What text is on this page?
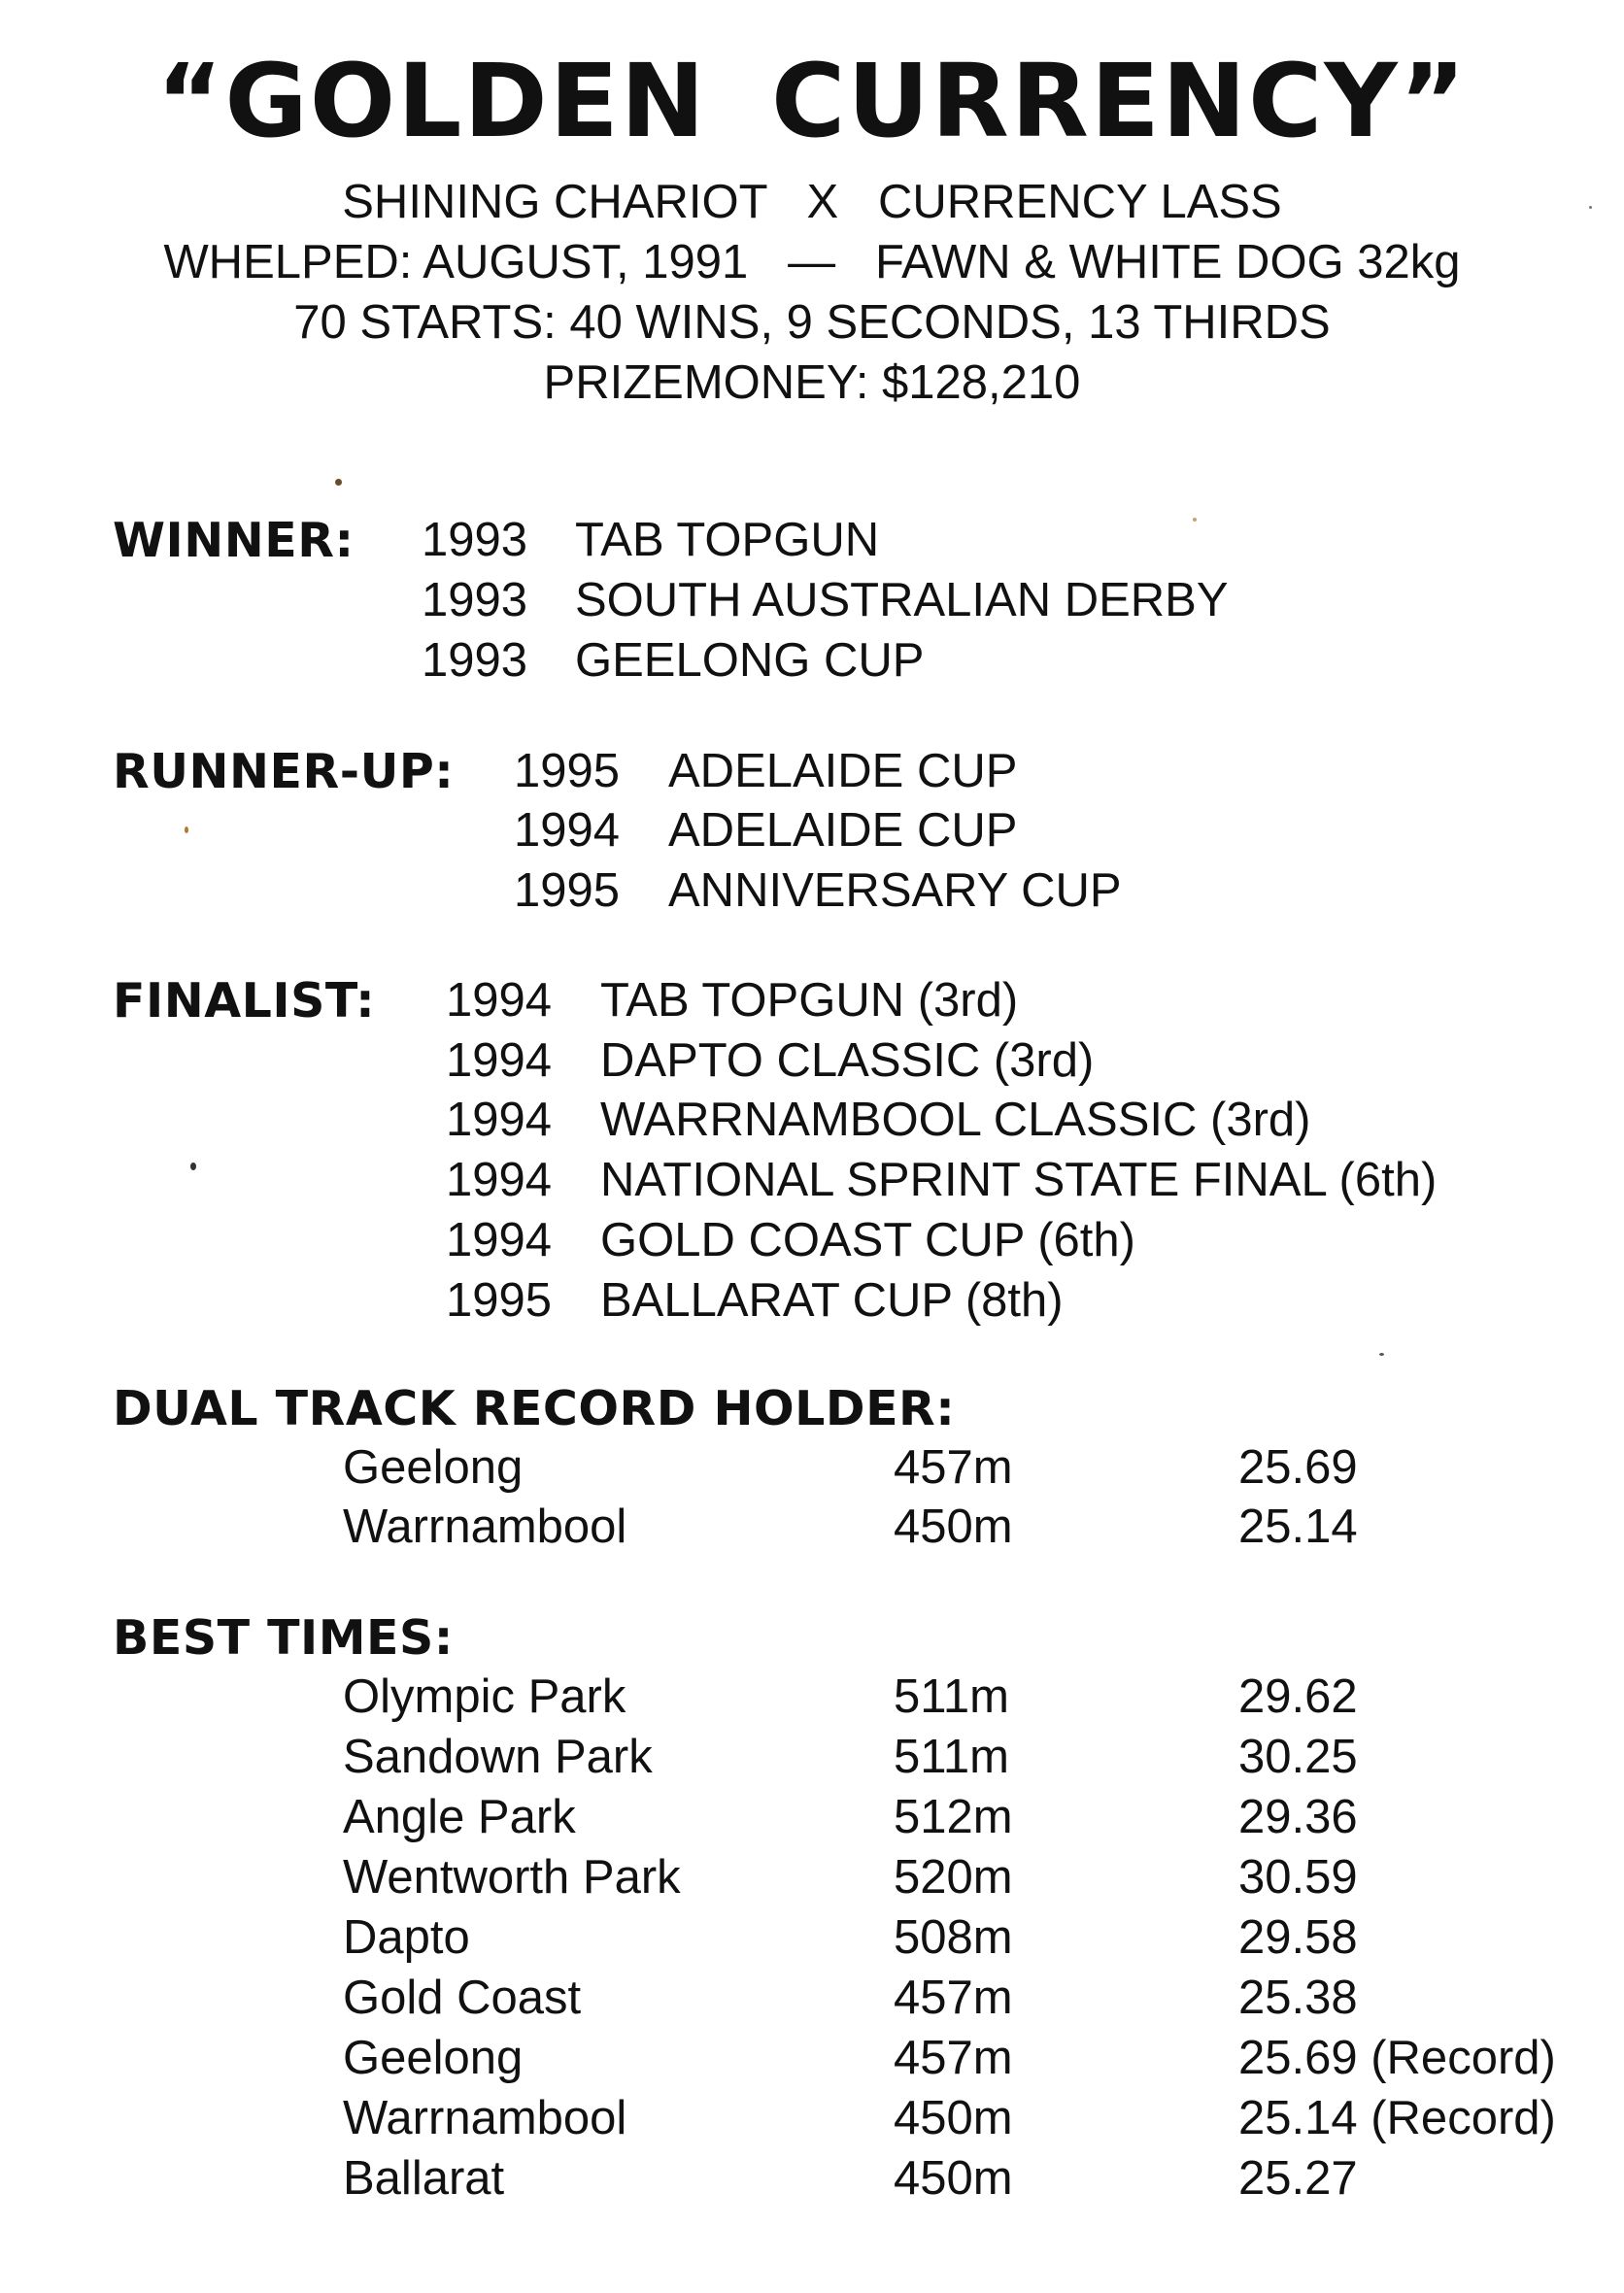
“GOLDEN CURRENCY”
SHINING CHARIOT   X   CURRENCY LASS
WHELPED: AUGUST, 1991   —   FAWN & WHITE DOG 32kg
70 STARTS: 40 WINS, 9 SECONDS, 13 THIRDS
PRIZEMONEY: $128,210
WINNER: 1993 TAB TOPGUN
1993 SOUTH AUSTRALIAN DERBY
1993 GEELONG CUP
RUNNER-UP: 1995 ADELAIDE CUP
1994 ADELAIDE CUP
1995 ANNIVERSARY CUP
FINALIST: 1994 TAB TOPGUN (3rd)
1994 DAPTO CLASSIC (3rd)
1994 WARRNAMBOOL CLASSIC (3rd)
1994 NATIONAL SPRINT STATE FINAL (6th)
1994 GOLD COAST CUP (6th)
1995 BALLARAT CUP (8th)
DUAL TRACK RECORD HOLDER:
Geelong	457m	25.69
Warrnambool	450m	25.14
BEST TIMES:
Olympic Park	511m	29.62
Sandown Park	511m	30.25
Angle Park	512m	29.36
Wentworth Park	520m	30.59
Dapto	508m	29.58
Gold Coast	457m	25.38
Geelong	457m	25.69 (Record)
Warrnambool	450m	25.14 (Record)
Ballarat	450m	25.27
